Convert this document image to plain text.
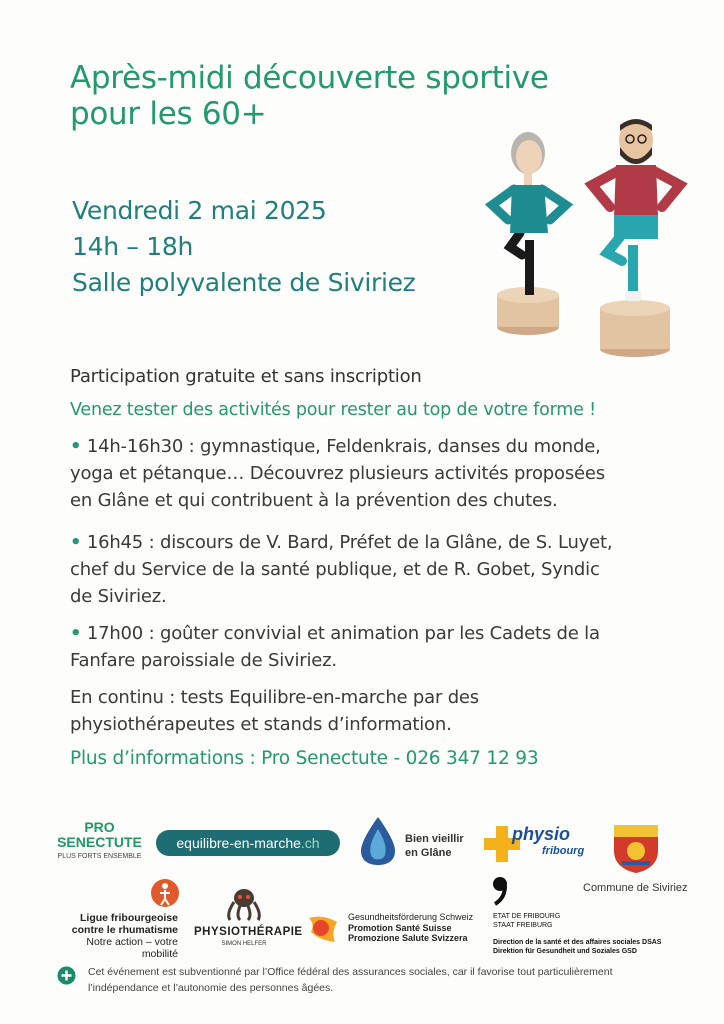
Après-midi découverte sportive
pour les 60+
Vendredi 2 mai 2025
14h – 18h
Salle polyvalente de Siviriez
Participation gratuite et sans inscription
Venez tester des activités pour rester au top de votre forme !
• 14h-16h30 : gymnastique, Feldenkrais, danses du monde,
yoga et pétanque… Découvrez plusieurs activités proposées
en Glâne et qui contribuent à la prévention des chutes.
• 16h45 : discours de V. Bard, Préfet de la Glâne, de S. Luyet,
chef du Service de la santé publique, et de R. Gobet, Syndic
de Siviriez.
• 17h00 : goûter convivial et animation par les Cadets de la
Fanfare paroissiale de Siviriez.
En continu : tests Equilibre-en-marche par des
physiothérapeutes et stands d’information.
Plus d’informations : Pro Senectute - 026 347 12 93
PRO
SENECTUTE
PLUS FORTS ENSEMBLE
equilibre-en-marche.ch	Bien vieillir
en Glâne
physio
fribourg
Commune de Siviriez
Ligue fribourgeoise
contre le rhumatisme
Notre action – votre mobilité
PHYSIOTHÉRAPIE
SIMON HELFER
Gesundheitsförderung Schweiz
Promotion Santé Suisse
Promozione Salute Svizzera
ETAT DE FRIBOURG
STAAT FREIBURG
Direction de la santé et des affaires sociales DSAS
Direktion für Gesundheit und Soziales GSD
Cet événement est subventionné par l’Office fédéral des assurances sociales, car il favorise tout particulièrement
l’indépendance et l’autonomie des personnes âgées.
